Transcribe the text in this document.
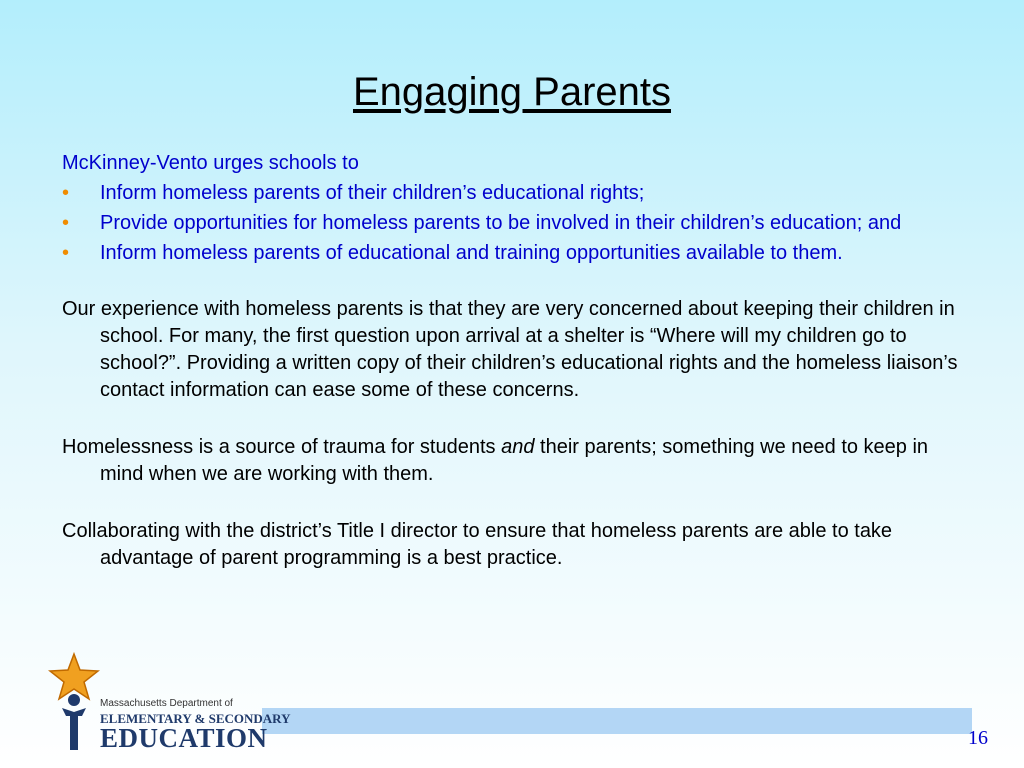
Engaging Parents

McKinney-Vento urges schools to

• Inform homeless parents of their children’s educational rights;
• Provide opportunities for homeless parents to be involved in their children’s education; and
• Inform homeless parents of educational and training opportunities available to them.
Our experience with homeless parents is that they are very concerned about keeping their children in school. For many, the first question upon arrival at a shelter is “Where will my children go to school?”. Providing a written copy of their children’s educational rights and the homeless liaison’s contact information can ease some of these concerns.
Homelessness is a source of trauma for students and their parents; something we need to keep in mind when we are working with them.
Collaborating with the district’s Title I director to ensure that homeless parents are able to take advantage of parent programming is a best practice.
Massachusetts Department of
ELEMENTARY & SECONDARY
EDUCATION	16
